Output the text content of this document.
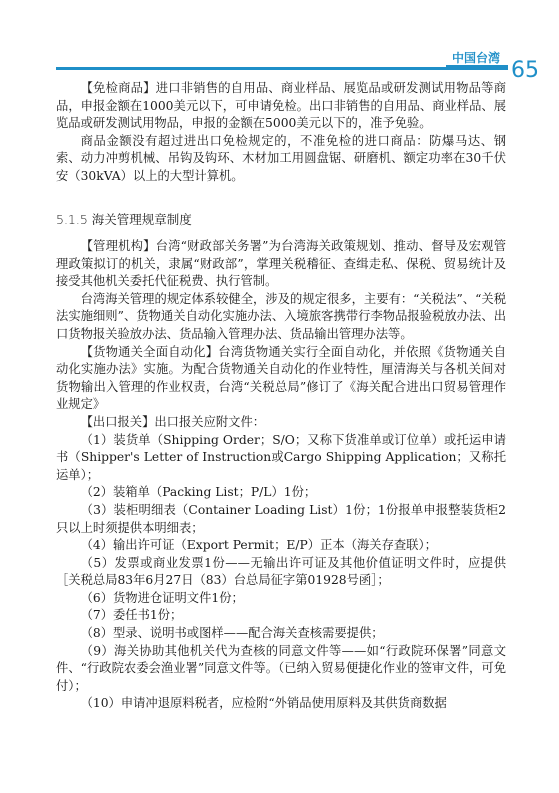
中国台湾 65

【免检商品】进口非销售的自用品、商业样品、展览品或研发测试用物品等商品，申报金额在1000美元以下，可申请免检。出口非销售的自用品、商业样品、展览品或研发测试用物品，申报的金额在5000美元以下的，准予免验。

商品金额没有超过进出口免检规定的，不准免检的进口商品：防爆马达、钢索、动力冲剪机械、吊钩及钩环、木材加工用圆盘锯、研磨机、额定功率在30千伏安（30kVA）以上的大型计算机。

5.1.5 海关管理规章制度

【管理机构】台湾“财政部关务署”为台湾海关政策规划、推动、督导及宏观管理政策拟订的机关，隶属“财政部”，掌理关税稽征、查缉走私、保税、贸易统计及接受其他机关委托代征税费、执行管制。

台湾海关管理的规定体系较健全，涉及的规定很多，主要有：“关税法”、“关税法实施细则”、货物通关自动化实施办法、入境旅客携带行李物品报验税放办法、出口货物报关验放办法、货品输入管理办法、货品输出管理办法等。

【货物通关全面自动化】台湾货物通关实行全面自动化，并依照《货物通关自动化实施办法》实施。为配合货物通关自动化的作业特性，厘清海关与各机关间对货物输出入管理的作业权责，台湾“关税总局”修订了《海关配合进出口贸易管理作业规定》

【出口报关】出口报关应附文件：

（1）装货单（Shipping Order；S/O；又称下货准单或订位单）或托运申请书（Shipper's Letter of Instruction或Cargo Shipping Application；又称托运单）；

（2）装箱单（Packing List；P/L）1份；

（3）装柜明细表（Container Loading List）1份；1份报单申报整装货柜2只以上时须提供本明细表；

（4）输出许可证（Export Permit；E/P）正本（海关存查联）；

（5）发票或商业发票1份——无输出许可证及其他价值证明文件时，应提供［关税总局83年6月27日（83）台总局征字第01928号函］；

（6）货物进仓证明文件1份；

（7）委任书1份；

（8）型录、说明书或图样——配合海关查核需要提供；

（9）海关协助其他机关代为查核的同意文件等——如“行政院环保署”同意文件、“行政院农委会渔业署”同意文件等。（已纳入贸易便捷化作业的签审文件，可免付）；

（10）申请冲退原料税者，应检附“外销品使用原料及其供货商数据
